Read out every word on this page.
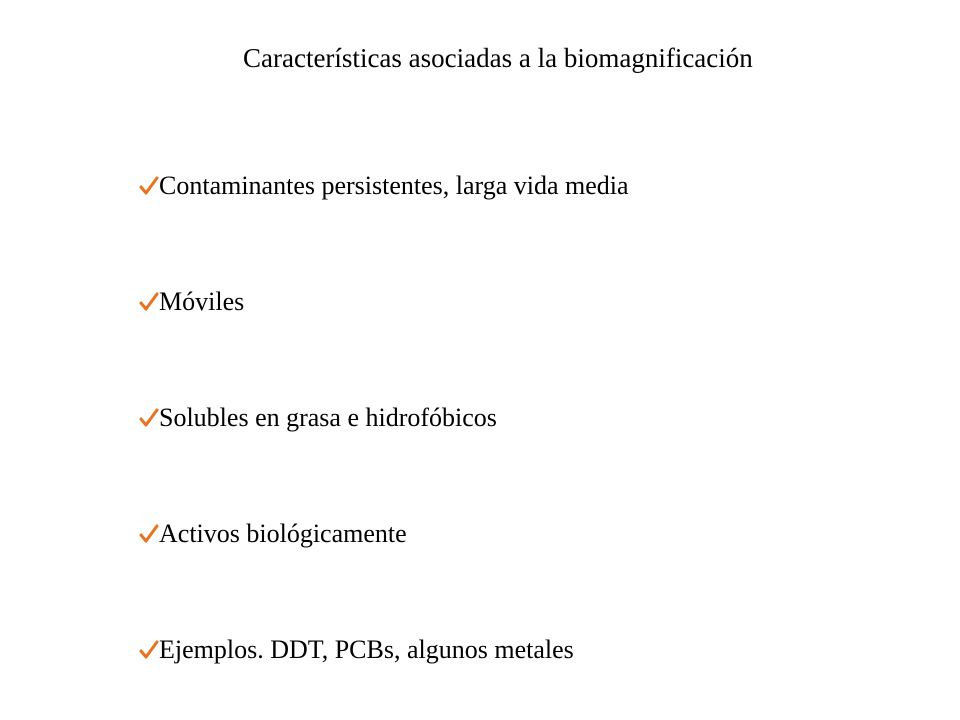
Características asociadas a la biomagnificación
Contaminantes persistentes, larga vida media
Móviles
Solubles en grasa e hidrofóbicos
Activos biológicamente
Ejemplos. DDT, PCBs, algunos metales
